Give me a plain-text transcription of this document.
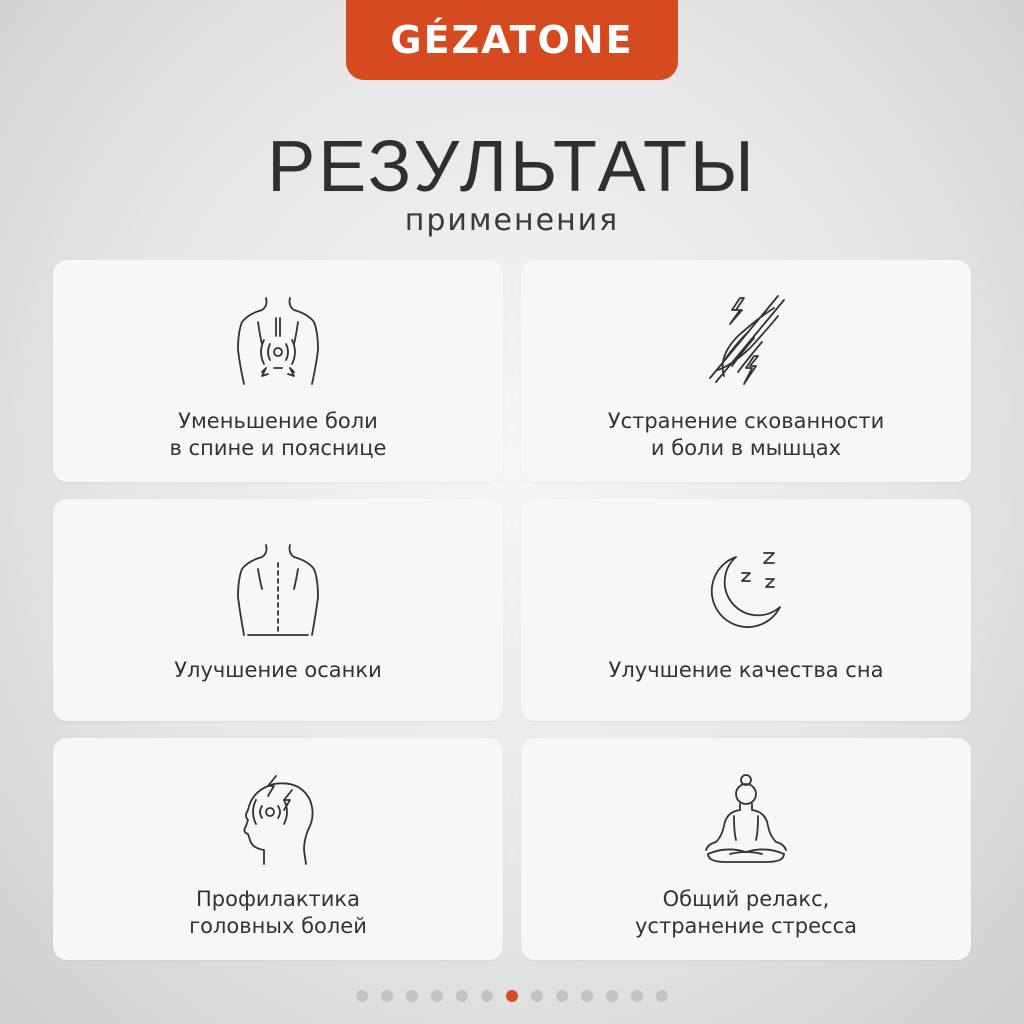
GÉZATONE
РЕЗУЛЬТАТЫ
применения
Уменьшение боли
в спине и пояснице
Устранение скованности
и боли в мышцах
Улучшение осанки	Улучшение качества сна
Профилактика
головных болей
Общий релакс,
устранение стресса
